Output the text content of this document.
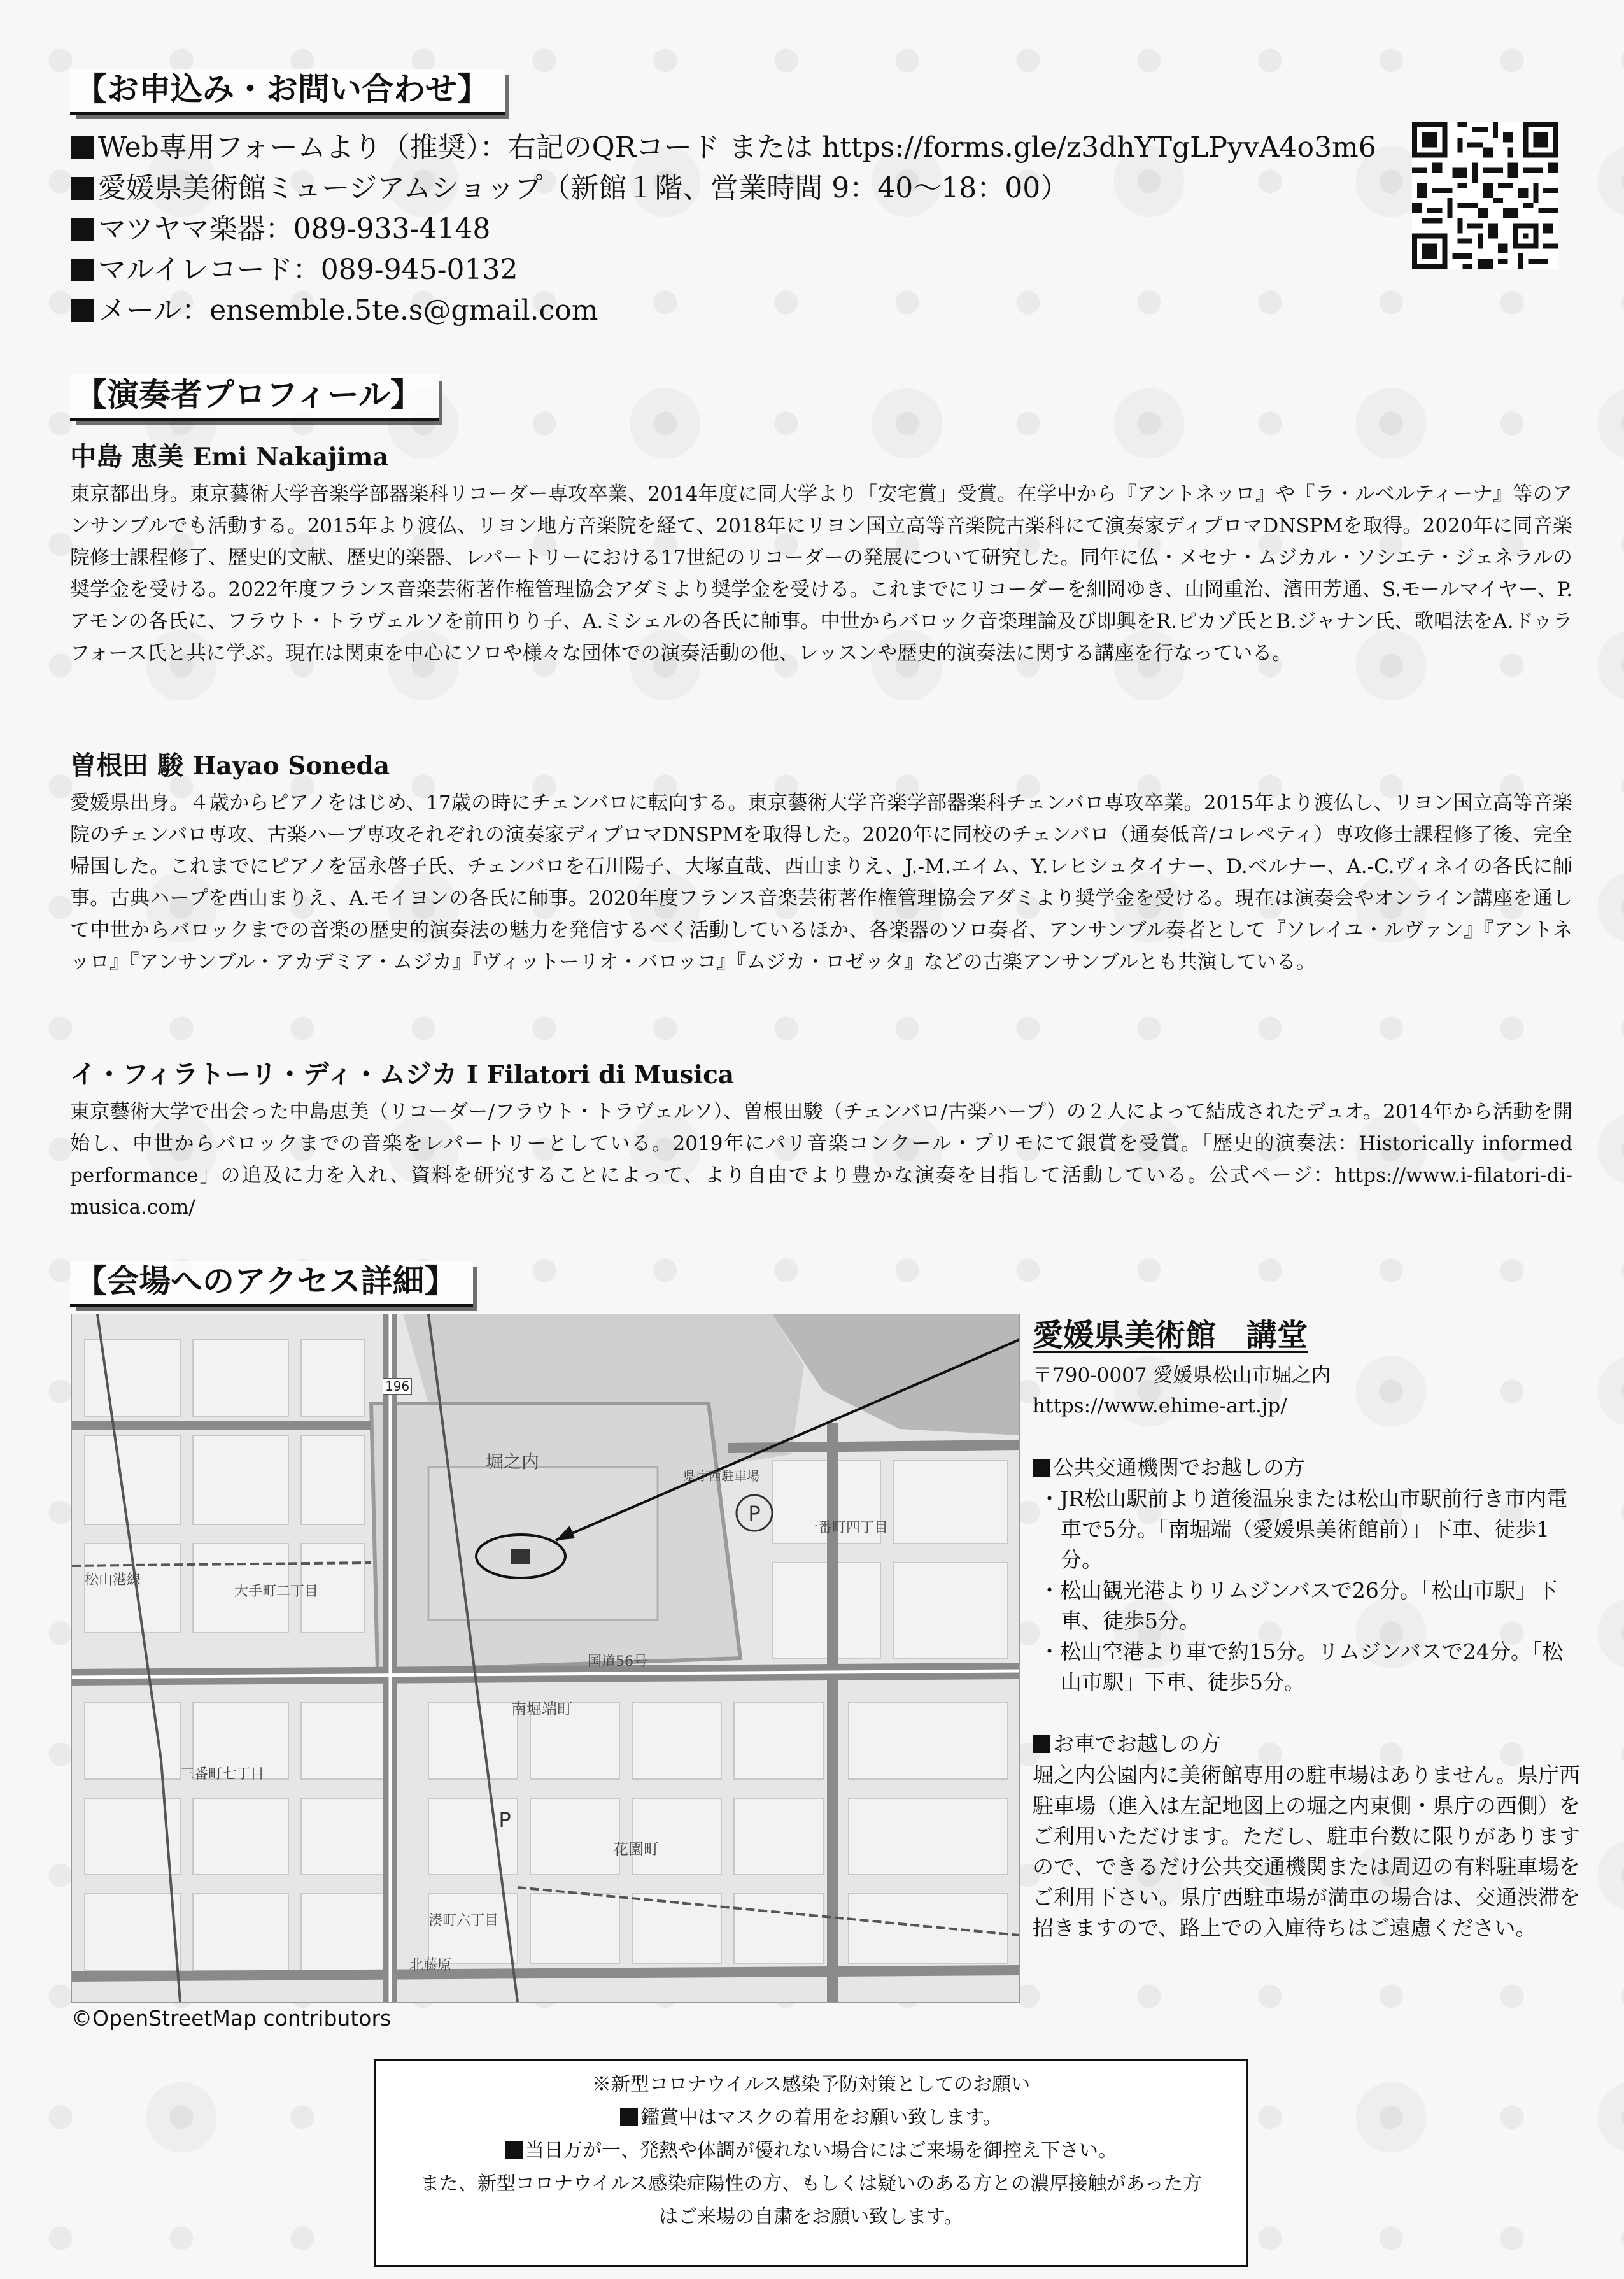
【お申込み・お問い合わせ】
Web専用フォームより（推奨）：右記のQRコード または https://forms.gle/z3dhYTgLPyvA4o3m6
愛媛県美術館ミュージアムショップ（新館１階、営業時間 9：40〜18：00）
マツヤマ楽器：089-933-4148
マルイレコード：089-945-0132
メール：ensemble.5te.s@gmail.com
【演奏者プロフィール】
中島 恵美 Emi Nakajima
東京都出身。東京藝術大学音楽学部器楽科リコーダー専攻卒業、2014年度に同大学より「安宅賞」受賞。在学中から『アントネッロ』や『ラ・ルベルティーナ』等のアンサンブルでも活動する。2015年より渡仏、リヨン地方音楽院を経て、2018年にリヨン国立高等音楽院古楽科にて演奏家ディプロマDNSPMを取得。2020年に同音楽院修士課程修了、歴史的文献、歴史的楽器、レパートリーにおける17世紀のリコーダーの発展について研究した。同年に仏・メセナ・ムジカル・ソシエテ・ジェネラルの奨学金を受ける。2022年度フランス音楽芸術著作権管理協会アダミより奨学金を受ける。これまでにリコーダーを細岡ゆき、山岡重治、濱田芳通、S.モールマイヤー、P.アモンの各氏に、フラウト・トラヴェルソを前田りり子、A.ミシェルの各氏に師事。中世からバロック音楽理論及び即興をR.ピカゾ氏とB.ジャナン氏、歌唱法をA.ドゥラフォース氏と共に学ぶ。現在は関東を中心にソロや様々な団体での演奏活動の他、レッスンや歴史的演奏法に関する講座を行なっている。
曽根田 駿 Hayao Soneda
愛媛県出身。４歳からピアノをはじめ、17歳の時にチェンバロに転向する。東京藝術大学音楽学部器楽科チェンバロ専攻卒業。2015年より渡仏し、リヨン国立高等音楽院のチェンバロ専攻、古楽ハープ専攻それぞれの演奏家ディプロマDNSPMを取得した。2020年に同校のチェンバロ（通奏低音/コレペティ）専攻修士課程修了後、完全帰国した。これまでにピアノを冨永啓子氏、チェンバロを石川陽子、大塚直哉、西山まりえ、J.-M.エイム、Y.レヒシュタイナー、D.ベルナー、A.-C.ヴィネイの各氏に師事。古典ハープを西山まりえ、A.モイヨンの各氏に師事。2020年度フランス音楽芸術著作権管理協会アダミより奨学金を受ける。現在は演奏会やオンライン講座を通して中世からバロックまでの音楽の歴史的演奏法の魅力を発信するべく活動しているほか、各楽器のソロ奏者、アンサンブル奏者として『ソレイユ・ルヴァン』『アントネッロ』『アンサンブル・アカデミア・ムジカ』『ヴィットーリオ・バロッコ』『ムジカ・ロゼッタ』などの古楽アンサンブルとも共演している。
イ・フィラトーリ・ディ・ムジカ I Filatori di Musica
東京藝術大学で出会った中島恵美（リコーダー/フラウト・トラヴェルソ）、曽根田駿（チェンバロ/古楽ハープ）の２人によって結成されたデュオ。2014年から活動を開始し、中世からバロックまでの音楽をレパートリーとしている。2019年にパリ音楽コンクール・プリモにて銀賞を受賞。「歴史的演奏法：Historically informed performance」の追及に力を入れ、資料を研究することによって、より自由でより豊かな演奏を目指して活動している。公式ページ：https://www.i-filatori-di-musica.com/
【会場へのアクセス詳細】
P
P
堀之内
県庁西駐車場
196
一番町四丁目
大手町二丁目
南堀端町
花園町
三番町七丁目
湊町六丁目
北藤原
松山港線
国道56号
©OpenStreetMap contributors
愛媛県美術館　講堂
〒790-0007 愛媛県松山市堀之内
https://www.ehime-art.jp/
公共交通機関でお越しの方
・JR松山駅前より道後温泉または松山市駅前行き市内電車で5分。「南堀端（愛媛県美術館前）」下車、徒歩1分。
・松山観光港よりリムジンバスで26分。「松山市駅」下車、徒歩5分。
・松山空港より車で約15分。リムジンバスで24分。「松山市駅」下車、徒歩5分。
お車でお越しの方
堀之内公園内に美術館専用の駐車場はありません。県庁西駐車場（進入は左記地図上の堀之内東側・県庁の西側）をご利用いただけます。ただし、駐車台数に限りがありますので、できるだけ公共交通機関または周辺の有料駐車場をご利用下さい。県庁西駐車場が満車の場合は、交通渋滞を招きますので、路上での入庫待ちはご遠慮ください。
※新型コロナウイルス感染予防対策としてのお願い
鑑賞中はマスクの着用をお願い致します。
当日万が一、発熱や体調が優れない場合にはご来場を御控え下さい。
また、新型コロナウイルス感染症陽性の方、もしくは疑いのある方との濃厚接触があった方
はご来場の自粛をお願い致します。
